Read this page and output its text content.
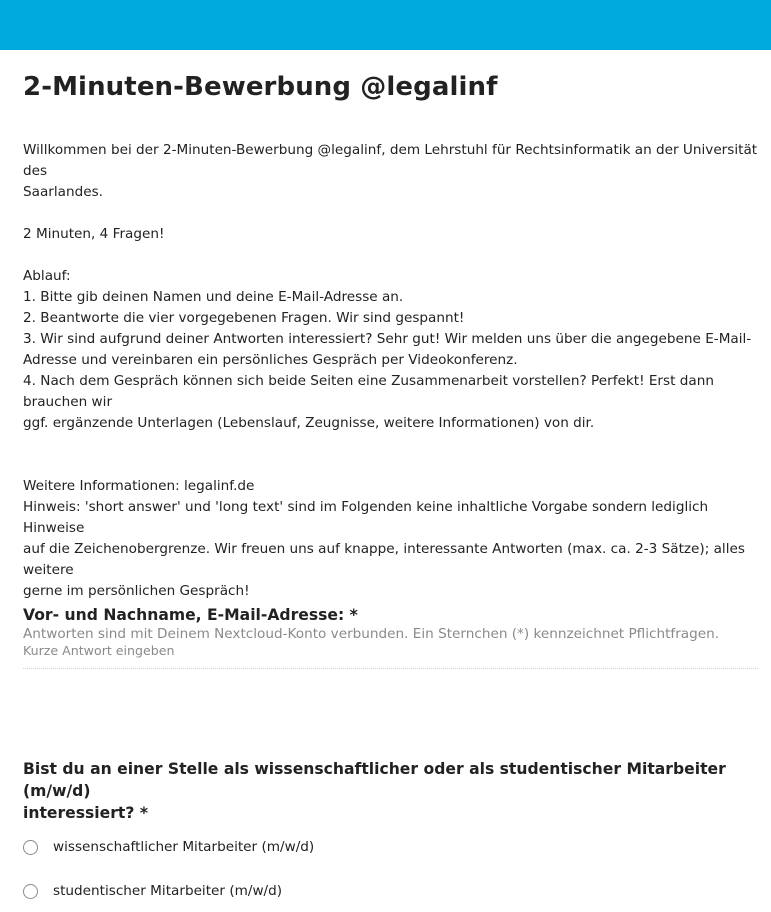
2-Minuten-Bewerbung @legalinf

Willkommen bei der 2-Minuten-Bewerbung @legalinf, dem Lehrstuhl für Rechtsinformatik an der Universität des

Saarlandes.

2 Minuten, 4 Fragen!

Ablauf:

1. Bitte gib deinen Namen und deine E-Mail-Adresse an.

2. Beantworte die vier vorgegebenen Fragen. Wir sind gespannt!

3. Wir sind aufgrund deiner Antworten interessiert? Sehr gut! Wir melden uns über die angegebene E-Mail-

Adresse und vereinbaren ein persönliches Gespräch per Videokonferenz.

4. Nach dem Gespräch können sich beide Seiten eine Zusammenarbeit vorstellen? Perfekt! Erst dann brauchen wir

ggf. ergänzende Unterlagen (Lebenslauf, Zeugnisse, weitere Informationen) von dir.

Weitere Informationen: legalinf.de

Hinweis: 'short answer' und 'long text' sind im Folgenden keine inhaltliche Vorgabe sondern lediglich Hinweise

auf die Zeichenobergrenze. Wir freuen uns auf knappe, interessante Antworten (max. ca. 2-3 Sätze); alles weitere

gerne im persönlichen Gespräch!

Antworten sind mit Deinem Nextcloud-Konto verbunden. Ein Sternchen (*) kennzeichnet Pflichtfragen.
Vor- und Nachname, E-Mail-Adresse: *
Kurze Antwort eingeben
Bist du an einer Stelle als wissenschaftlicher oder als studentischer Mitarbeiter (m/w/d)
interessiert? *
wissenschaftlicher Mitarbeiter (m/w/d)
studentischer Mitarbeiter (m/w/d)
